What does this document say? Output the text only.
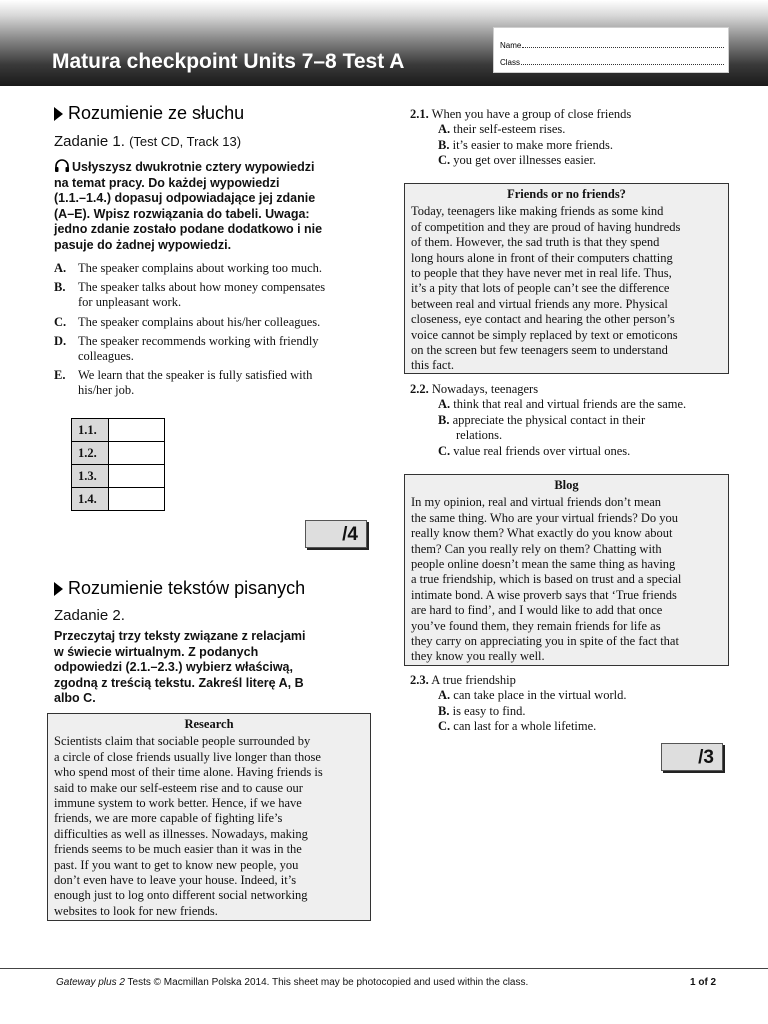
Matura checkpoint Units 7–8 Test A
Name
Class
Rozumienie ze słuchu
Zadanie 1. (Test CD, Track 13)
Usłyszysz dwukrotnie cztery wypowiedzi
na temat pracy. Do każdej wypowiedzi
(1.1.–1.4.) dopasuj odpowiadające jej zdanie
(A–E). Wpisz rozwiązania do tabeli. Uwaga:
jedno zdanie zostało podane dodatkowo i nie
pasuje do żadnej wypowiedzi.
A. The speaker complains about working too much.
B. The speaker talks about how money compensates
for unpleasant work.
C. The speaker complains about his/her colleagues.
D. The speaker recommends working with friendly
colleagues.
E. We learn that the speaker is fully satisfied with
his/her job.
1.1.	
1.2.	
1.3.	
1.4.	
/4
Rozumienie tekstów pisanych
Zadanie 2.
Przeczytaj trzy teksty związane z relacjami
w świecie wirtualnym. Z podanych
odpowiedzi (2.1.–2.3.) wybierz właściwą,
zgodną z treścią tekstu. Zakreśl literę A, B
albo C.
Research
Scientists claim that sociable people surrounded by
a circle of close friends usually live longer than those
who spend most of their time alone. Having friends is
said to make our self-esteem rise and to cause our
immune system to work better. Hence, if we have
friends, we are more capable of fighting life’s
difficulties as well as illnesses. Nowadays, making
friends seems to be much easier than it was in the
past. If you want to get to know new people, you
don’t even have to leave your house. Indeed, it’s
enough just to log onto different social networking
websites to look for new friends.
2.1. When you have a group of close friends
A. their self-esteem rises.
B. it’s easier to make more friends.
C. you get over illnesses easier.
Friends or no friends?
Today, teenagers like making friends as some kind
of competition and they are proud of having hundreds
of them. However, the sad truth is that they spend
long hours alone in front of their computers chatting
to people that they have never met in real life. Thus,
it’s a pity that lots of people can’t see the difference
between real and virtual friends any more. Physical
closeness, eye contact and hearing the other person’s
voice cannot be simply replaced by text or emoticons
on the screen but few teenagers seem to understand
this fact.
2.2. Nowadays, teenagers
A. think that real and virtual friends are the same.
B. appreciate the physical contact in their
relations.
C. value real friends over virtual ones.
Blog
In my opinion, real and virtual friends don’t mean
the same thing. Who are your virtual friends? Do you
really know them? What exactly do you know about
them? Can you really rely on them? Chatting with
people online doesn’t mean the same thing as having
a true friendship, which is based on trust and a special
intimate bond. A wise proverb says that ‘True friends
are hard to find’, and I would like to add that once
you’ve found them, they remain friends for life as
they carry on appreciating you in spite of the fact that
they know you really well.
2.3. A true friendship
A. can take place in the virtual world.
B. is easy to find.
C. can last for a whole lifetime.
/3
Gateway plus 2 Tests © Macmillan Polska 2014. This sheet may be photocopied and used within the class.	1 of 2
